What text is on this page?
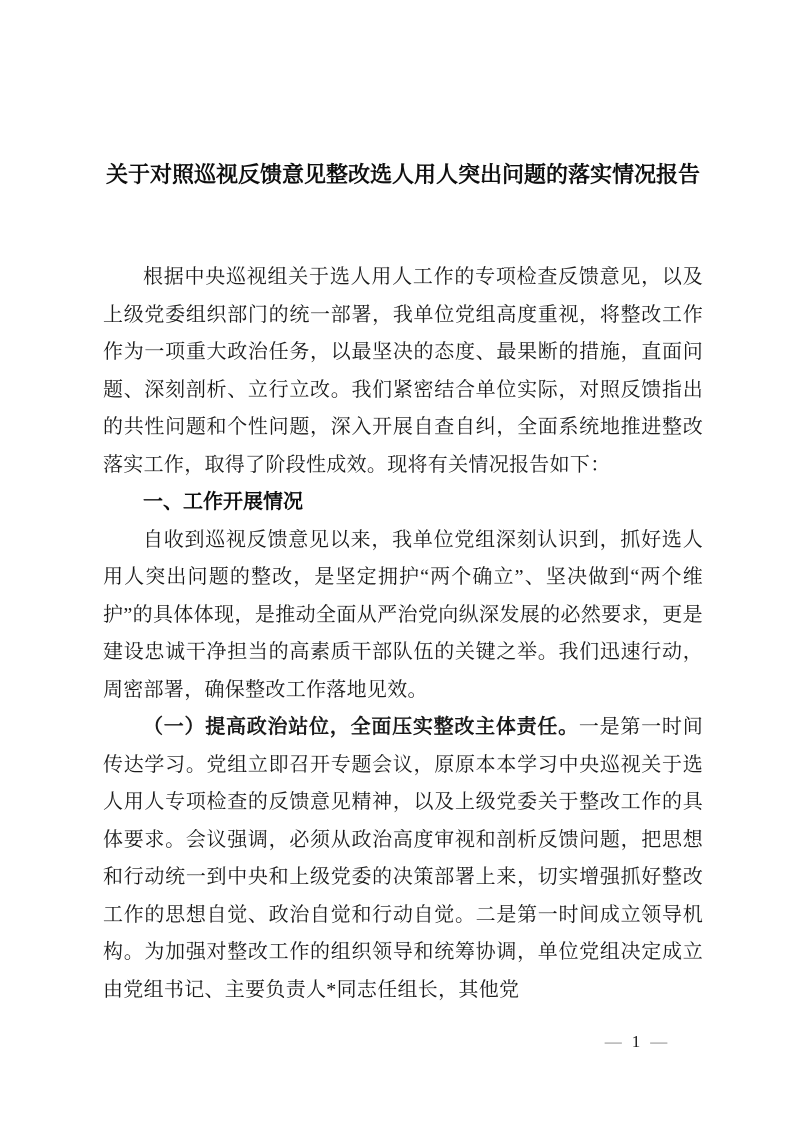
关于对照巡视反馈意见整改选人用人突出问题的落实情况报告

根据中央巡视组关于选人用人工作的专项检查反馈意见，以及上级党委组织部门的统一部署，我单位党组高度重视，将整改工作作为一项重大政治任务，以最坚决的态度、最果断的措施，直面问题、深刻剖析、立行立改。我们紧密结合单位实际，对照反馈指出的共性问题和个性问题，深入开展自查自纠，全面系统地推进整改落实工作，取得了阶段性成效。现将有关情况报告如下：

一、工作开展情况

自收到巡视反馈意见以来，我单位党组深刻认识到，抓好选人用人突出问题的整改，是坚定拥护“两个确立”、坚决做到“两个维护”的具体体现，是推动全面从严治党向纵深发展的必然要求，更是建设忠诚干净担当的高素质干部队伍的关键之举。我们迅速行动，周密部署，确保整改工作落地见效。

（一）提高政治站位，全面压实整改主体责任。一是第一时间传达学习。党组立即召开专题会议，原原本本学习中央巡视关于选人用人专项检查的反馈意见精神，以及上级党委关于整改工作的具体要求。会议强调，必须从政治高度审视和剖析反馈问题，把思想和行动统一到中央和上级党委的决策部署上来，切实增强抓好整改工作的思想自觉、政治自觉和行动自觉。二是第一时间成立领导机构。为加强对整改工作的组织领导和统筹协调，单位党组决定成立由党组书记、主要负责人*同志任组长，其他党

— 1 —
